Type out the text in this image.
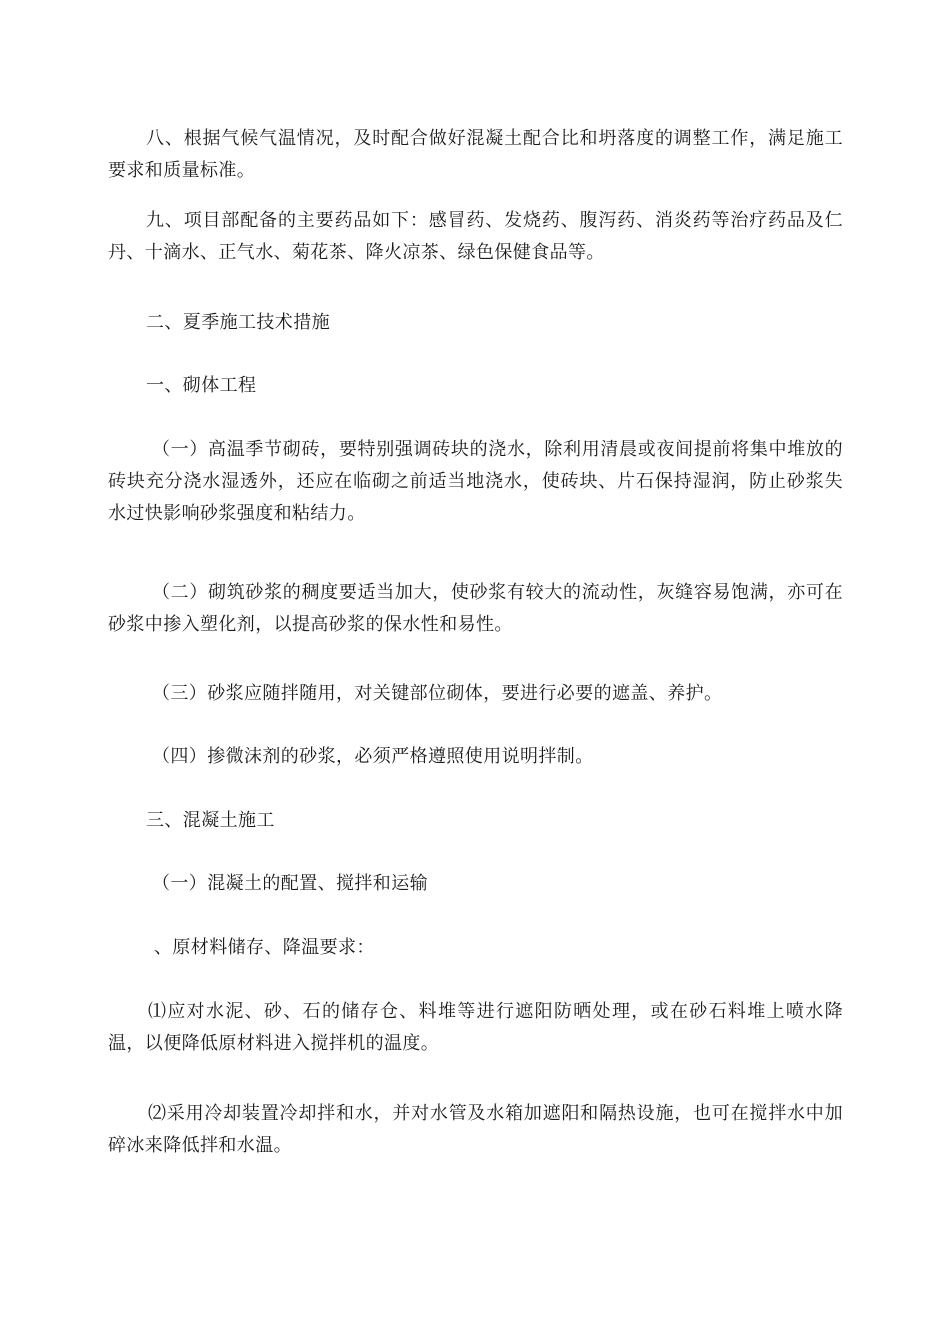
八、根据气候气温情况，及时配合做好混凝土配合比和坍落度的调整工作，满足施工要求和质量标准。

九、项目部配备的主要药品如下：感冒药、发烧药、腹泻药、消炎药等治疗药品及仁丹、十滴水、正气水、菊花茶、降火凉茶、绿色保健食品等。

二、夏季施工技术措施

一、砌体工程

（一）高温季节砌砖，要特别强调砖块的浇水，除利用清晨或夜间提前将集中堆放的砖块充分浇水湿透外，还应在临砌之前适当地浇水，使砖块、片石保持湿润，防止砂浆失水过快影响砂浆强度和粘结力。

（二）砌筑砂浆的稠度要适当加大，使砂浆有较大的流动性，灰缝容易饱满，亦可在砂浆中掺入塑化剂，以提高砂浆的保水性和易性。

（三）砂浆应随拌随用，对关键部位砌体，要进行必要的遮盖、养护。

（四）掺微沫剂的砂浆，必须严格遵照使用说明拌制。

三、混凝土施工

（一）混凝土的配置、搅拌和运输

、原材料储存、降温要求：

⑴应对水泥、砂、石的储存仓、料堆等进行遮阳防晒处理，或在砂石料堆上喷水降温，以便降低原材料进入搅拌机的温度。

⑵采用冷却装置冷却拌和水，并对水管及水箱加遮阳和隔热设施，也可在搅拌水中加碎冰来降低拌和水温。
